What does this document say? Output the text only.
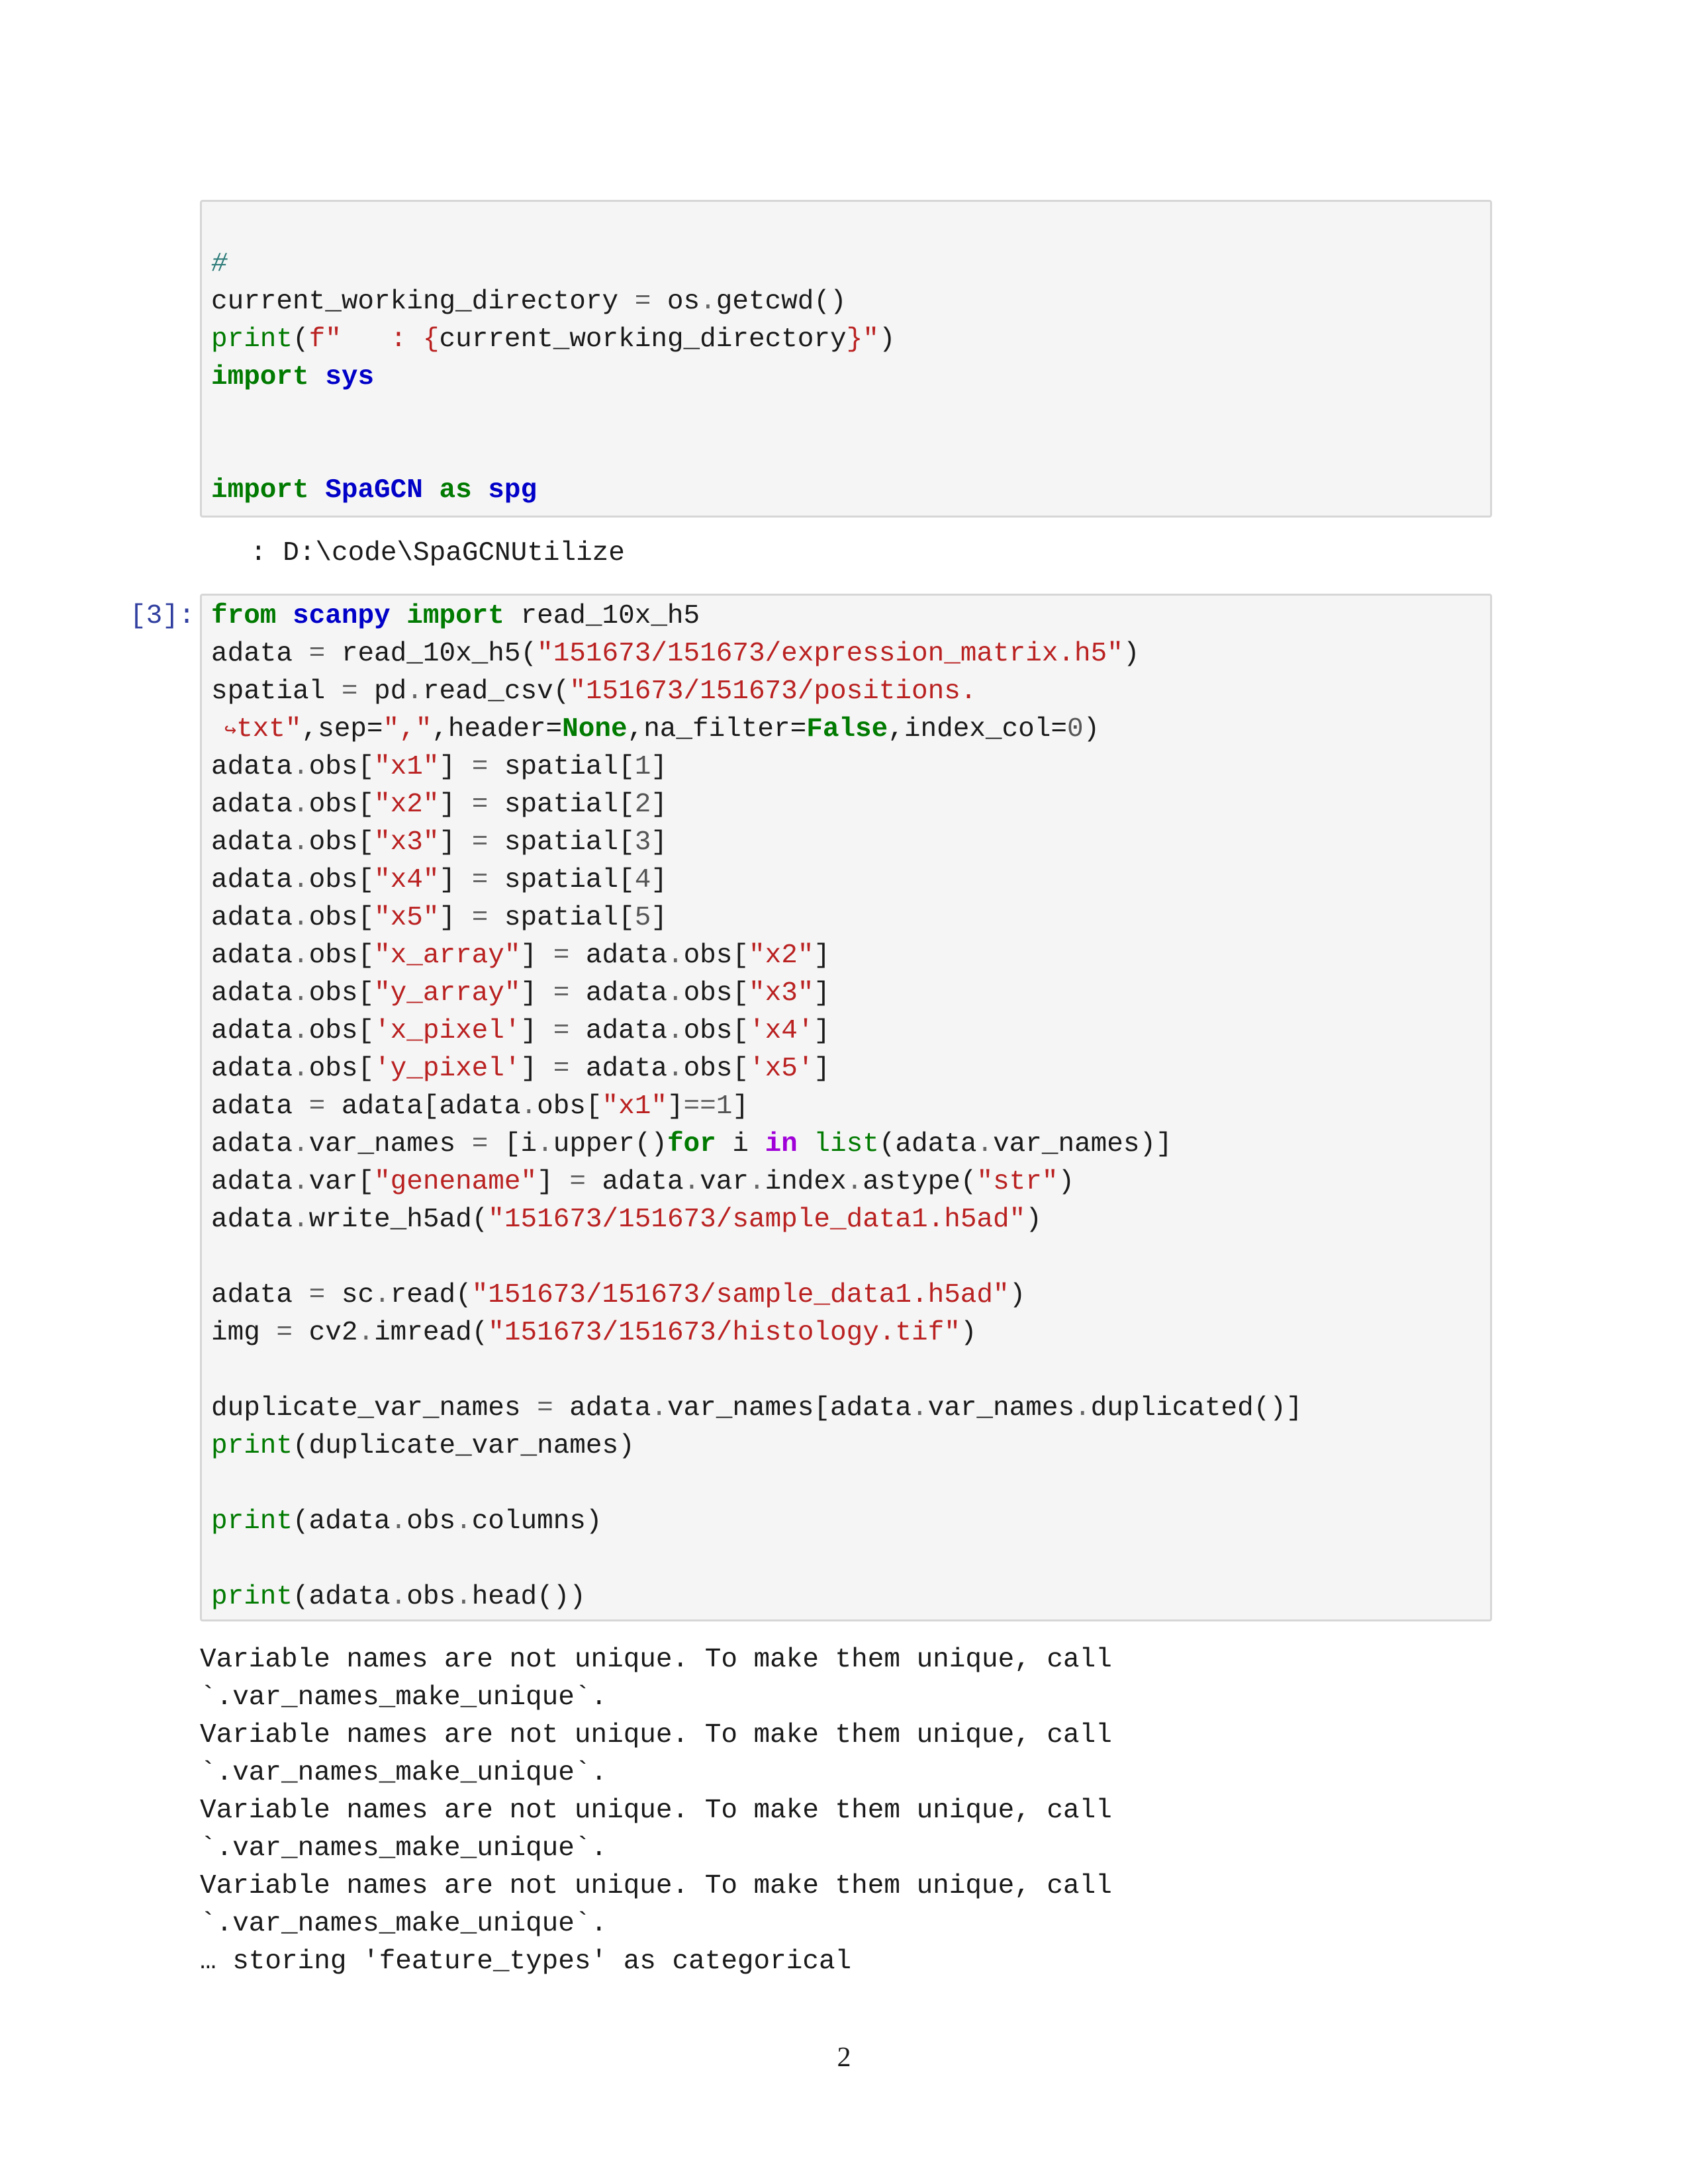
#
current_working_directory = os.getcwd()
print(f"   : {current_working_directory}")
import sys
import SpaGCN as spg
: D:\code\SpaGCNUtilize
[3]: from scanpy import read_10x_h5
adata = read_10x_h5("151673/151673/expression_matrix.h5")
spatial = pd.read_csv("151673/151673/positions.
↪txt",sep=",",header=None,na_filter=False,index_col=0)
adata.obs["x1"] = spatial[1]
adata.obs["x2"] = spatial[2]
adata.obs["x3"] = spatial[3]
adata.obs["x4"] = spatial[4]
adata.obs["x5"] = spatial[5]
adata.obs["x_array"] = adata.obs["x2"]
adata.obs["y_array"] = adata.obs["x3"]
adata.obs['x_pixel'] = adata.obs['x4']
adata.obs['y_pixel'] = adata.obs['x5']
adata = adata[adata.obs["x1"]==1]
adata.var_names = [i.upper()for i in list(adata.var_names)]
adata.var["genename"] = adata.var.index.astype("str")
adata.write_h5ad("151673/151673/sample_data1.h5ad")
adata = sc.read("151673/151673/sample_data1.h5ad")
img = cv2.imread("151673/151673/histology.tif")
duplicate_var_names = adata.var_names[adata.var_names.duplicated()]
print(duplicate_var_names)
print(adata.obs.columns)
print(adata.obs.head())
Variable names are not unique. To make them unique, call
`.var_names_make_unique`.
Variable names are not unique. To make them unique, call
`.var_names_make_unique`.
Variable names are not unique. To make them unique, call
`.var_names_make_unique`.
Variable names are not unique. To make them unique, call
`.var_names_make_unique`.
… storing 'feature_types' as categorical
2
